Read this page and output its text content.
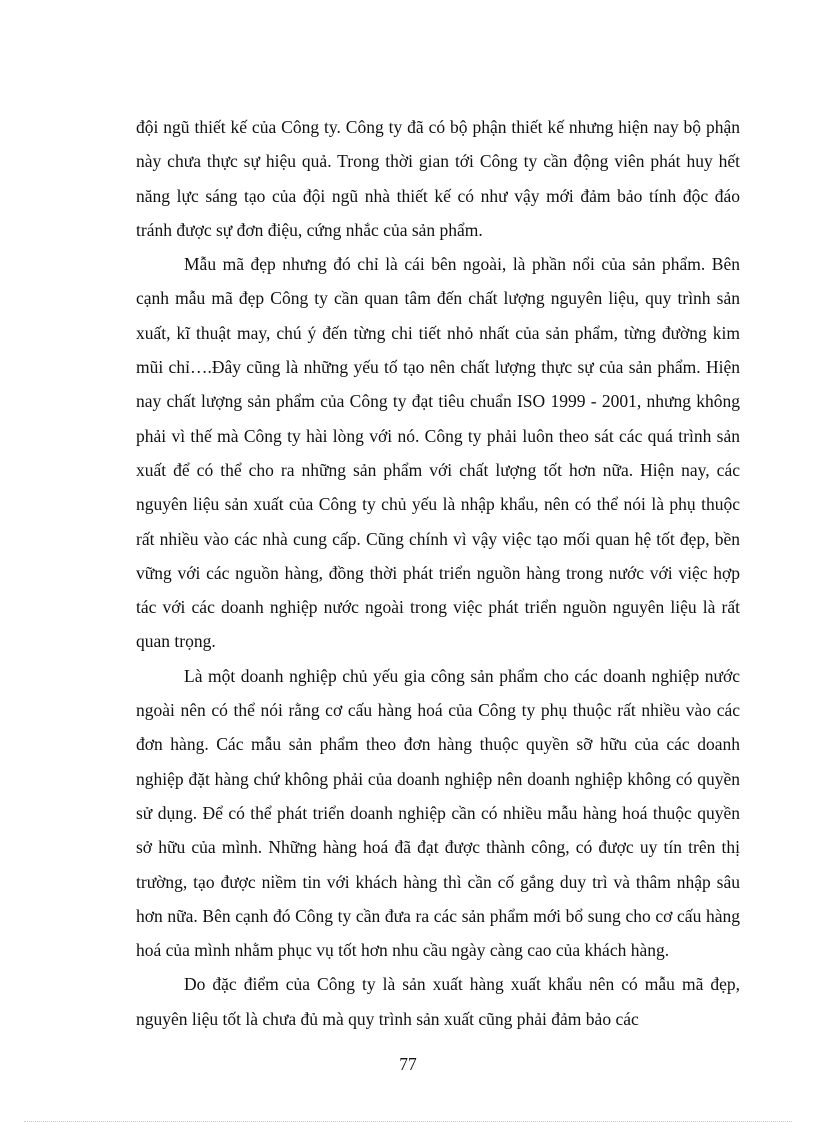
đội ngũ thiết kế của Công ty. Công ty đã có bộ phận thiết kế nhưng hiện nay bộ phận này chưa thực sự hiệu quả. Trong thời gian tới Công ty cần động viên phát huy hết năng lực sáng tạo của đội ngũ nhà thiết kế có như vậy mới đảm bảo tính độc đáo tránh được sự đơn điệu, cứng nhắc của sản phẩm.

Mẫu mã đẹp nhưng đó chỉ là cái bên ngoài, là phần nổi của sản phẩm. Bên cạnh mẫu mã đẹp Công ty cần quan tâm đến chất lượng nguyên liệu, quy trình sản xuất, kĩ thuật may, chú ý đến từng chi tiết nhỏ nhất của sản phẩm, từng đường kim mũi chỉ….Đây cũng là những yếu tố tạo nên chất lượng thực sự của sản phẩm. Hiện nay chất lượng sản phẩm của Công ty đạt tiêu chuẩn ISO 1999 - 2001, nhưng không phải vì thế mà Công ty hài lòng với nó. Công ty phải luôn theo sát các quá trình sản xuất để có thể cho ra những sản phẩm với chất lượng tốt hơn nữa. Hiện nay, các nguyên liệu sản xuất của Công ty chủ yếu là nhập khẩu, nên có thể nói là phụ thuộc rất nhiều vào các nhà cung cấp. Cũng chính vì vậy việc tạo mối quan hệ tốt đẹp, bền vững với các nguồn hàng, đồng thời phát triển nguồn hàng trong nước với việc hợp tác với các doanh nghiệp nước ngoài trong việc phát triển nguồn nguyên liệu là rất quan trọng.

Là một doanh nghiệp chủ yếu gia công sản phẩm cho các doanh nghiệp nước ngoài nên có thể nói rằng cơ cấu hàng hoá của Công ty phụ thuộc rất nhiều vào các đơn hàng. Các mẫu sản phẩm theo đơn hàng thuộc quyền sỡ hữu của các doanh nghiệp đặt hàng chứ không phải của doanh nghiệp nên doanh nghiệp không có quyền sử dụng. Để có thể phát triển doanh nghiệp cần có nhiều mẫu hàng hoá thuộc quyền sở hữu của mình. Những hàng hoá đã đạt được thành công, có được uy tín trên thị trường, tạo được niềm tin với khách hàng thì cần cố gắng duy trì và thâm nhập sâu hơn nữa. Bên cạnh đó Công ty cần đưa ra các sản phẩm mới bổ sung cho cơ cấu hàng hoá của mình nhằm phục vụ tốt hơn nhu cầu ngày càng cao của khách hàng.

Do đặc điểm của Công ty là sản xuất hàng xuất khẩu nên có mẫu mã đẹp, nguyên liệu tốt là chưa đủ mà quy trình sản xuất cũng phải đảm bảo các

77
